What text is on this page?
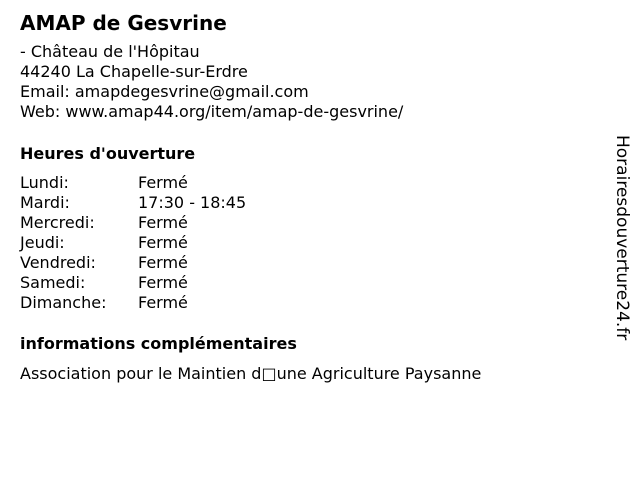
AMAP de Gesvrine
- Château de l'Hôpitau
44240 La Chapelle-sur-Erdre
Email: amapdegesvrine@gmail.com
Web: www.amap44.org/item/amap-de-gesvrine/
Heures d'ouverture
Lundi:	Fermé
Mardi:	17:30 - 18:45
Mercredi:	Fermé
Jeudi:	Fermé
Vendredi:	Fermé
Samedi:	Fermé
Dimanche: Fermé
informations complémentaires
Association pour le Maintien d□une Agriculture Paysanne
Horairesdouverture24.fr
